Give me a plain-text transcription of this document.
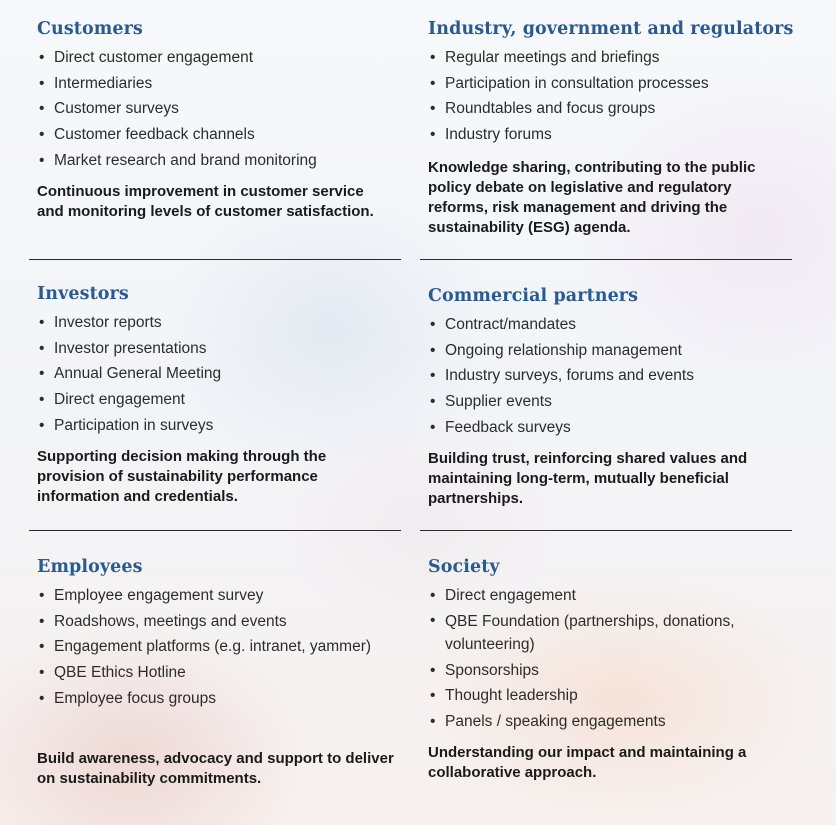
Customers
• Direct customer engagement
• Intermediaries
• Customer surveys
• Customer feedback channels
• Market research and brand monitoring

Continuous improvement in customer service and monitoring levels of customer satisfaction.

Industry, government and regulators
• Regular meetings and briefings
• Participation in consultation processes
• Roundtables and focus groups
• Industry forums

Knowledge sharing, contributing to the public policy debate on legislative and regulatory reforms, risk management and driving the sustainability (ESG) agenda.

Investors
• Investor reports
• Investor presentations
• Annual General Meeting
• Direct engagement
• Participation in surveys

Supporting decision making through the provision of sustainability performance information and credentials.

Commercial partners
• Contract/mandates
• Ongoing relationship management
• Industry surveys, forums and events
• Supplier events
• Feedback surveys

Building trust, reinforcing shared values and maintaining long-term, mutually beneficial partnerships.

Employees
• Employee engagement survey
• Roadshows, meetings and events
• Engagement platforms (e.g. intranet, yammer)
• QBE Ethics Hotline
• Employee focus groups

Build awareness, advocacy and support to deliver on sustainability commitments.

Society
• Direct engagement
• QBE Foundation (partnerships, donations, volunteering)
• Sponsorships
• Thought leadership
• Panels / speaking engagements

Understanding our impact and maintaining a collaborative approach.
